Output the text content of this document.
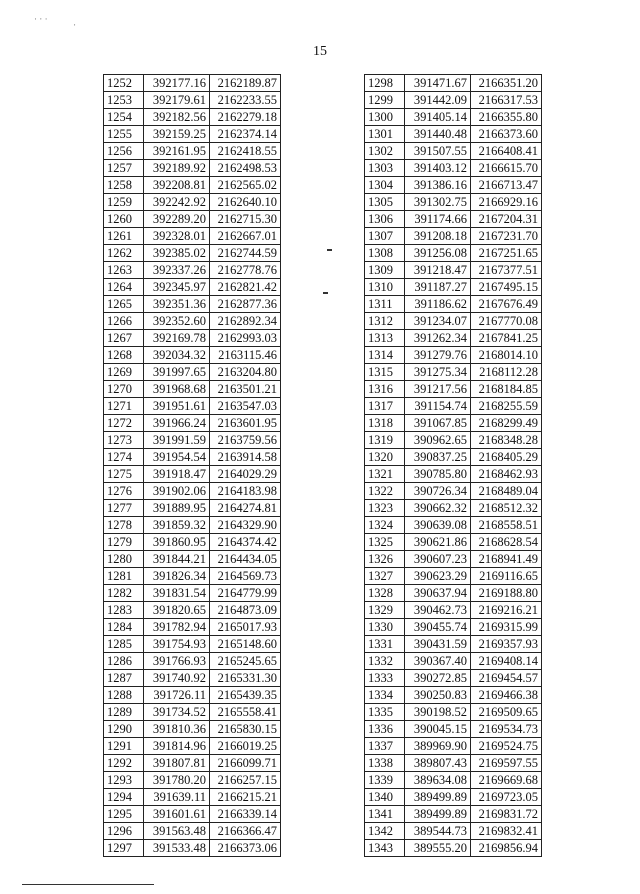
· ⋅ ·
⋅
15
1252	392177.16	2162189.87
1253	392179.61	2162233.55
1254	392182.56	2162279.18
1255	392159.25	2162374.14
1256	392161.95	2162418.55
1257	392189.92	2162498.53
1258	392208.81	2162565.02
1259	392242.92	2162640.10
1260	392289.20	2162715.30
1261	392328.01	2162667.01
1262	392385.02	2162744.59
1263	392337.26	2162778.76
1264	392345.97	2162821.42
1265	392351.36	2162877.36
1266	392352.60	2162892.34
1267	392169.78	2162993.03
1268	392034.32	2163115.46
1269	391997.65	2163204.80
1270	391968.68	2163501.21
1271	391951.61	2163547.03
1272	391966.24	2163601.95
1273	391991.59	2163759.56
1274	391954.54	2163914.58
1275	391918.47	2164029.29
1276	391902.06	2164183.98
1277	391889.95	2164274.81
1278	391859.32	2164329.90
1279	391860.95	2164374.42
1280	391844.21	2164434.05
1281	391826.34	2164569.73
1282	391831.54	2164779.99
1283	391820.65	2164873.09
1284	391782.94	2165017.93
1285	391754.93	2165148.60
1286	391766.93	2165245.65
1287	391740.92	2165331.30
1288	391726.11	2165439.35
1289	391734.52	2165558.41
1290	391810.36	2165830.15
1291	391814.96	2166019.25
1292	391807.81	2166099.71
1293	391780.20	2166257.15
1294	391639.11	2166215.21
1295	391601.61	2166339.14
1296	391563.48	2166366.47
1297	391533.48	2166373.06
1298	391471.67	2166351.20
1299	391442.09	2166317.53
1300	391405.14	2166355.80
1301	391440.48	2166373.60
1302	391507.55	2166408.41
1303	391403.12	2166615.70
1304	391386.16	2166713.47
1305	391302.75	2166929.16
1306	391174.66	2167204.31
1307	391208.18	2167231.70
1308	391256.08	2167251.65
1309	391218.47	2167377.51
1310	391187.27	2167495.15
1311	391186.62	2167676.49
1312	391234.07	2167770.08
1313	391262.34	2167841.25
1314	391279.76	2168014.10
1315	391275.34	2168112.28
1316	391217.56	2168184.85
1317	391154.74	2168255.59
1318	391067.85	2168299.49
1319	390962.65	2168348.28
1320	390837.25	2168405.29
1321	390785.80	2168462.93
1322	390726.34	2168489.04
1323	390662.32	2168512.32
1324	390639.08	2168558.51
1325	390621.86	2168628.54
1326	390607.23	2168941.49
1327	390623.29	2169116.65
1328	390637.94	2169188.80
1329	390462.73	2169216.21
1330	390455.74	2169315.99
1331	390431.59	2169357.93
1332	390367.40	2169408.14
1333	390272.85	2169454.57
1334	390250.83	2169466.38
1335	390198.52	2169509.65
1336	390045.15	2169534.73
1337	389969.90	2169524.75
1338	389807.43	2169597.55
1339	389634.08	2169669.68
1340	389499.89	2169723.05
1341	389499.89	2169831.72
1342	389544.73	2169832.41
1343	389555.20	2169856.94
